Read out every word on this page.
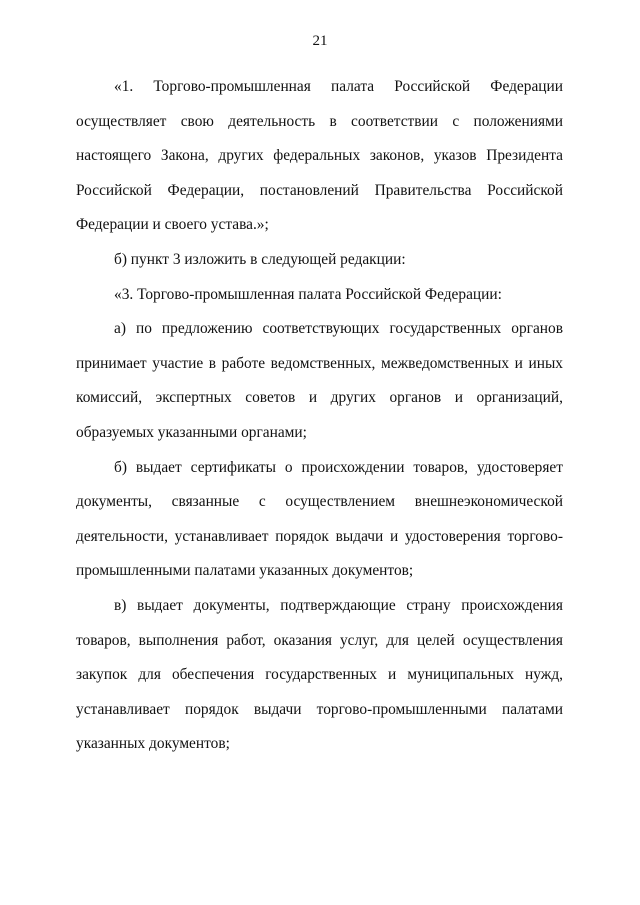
21
«1. Торгово-промышленная палата Российской Федерации
осуществляет свою деятельность в соответствии с положениями
настоящего Закона, других федеральных законов, указов Президента
Российской Федерации, постановлений Правительства Российской
Федерации и своего устава.»;
б) пункт 3 изложить в следующей редакции:
«3. Торгово-промышленная палата Российской Федерации:
а) по предложению соответствующих государственных органов
принимает участие в работе ведомственных, межведомственных и иных
комиссий, экспертных советов и других органов и организаций,
образуемых указанными органами;
б) выдает сертификаты о происхождении товаров, удостоверяет
документы, связанные с осуществлением внешнеэкономической
деятельности, устанавливает порядок выдачи и удостоверения торгово-
промышленными палатами указанных документов;
в) выдает документы, подтверждающие страну происхождения
товаров, выполнения работ, оказания услуг, для целей осуществления
закупок для обеспечения государственных и муниципальных нужд,
устанавливает порядок выдачи торгово-промышленными палатами
указанных документов;
